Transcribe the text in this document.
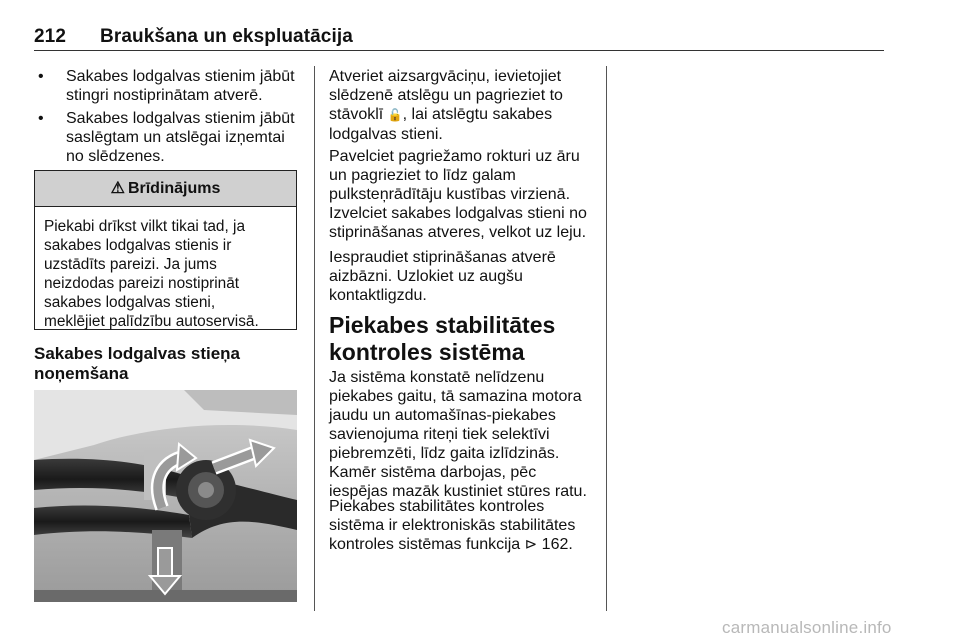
212 Braukšana un ekspluatācija
• Sakabes lodgalvas stienim jābūt
stingri nostiprinātam atverē.
• Sakabes lodgalvas stienim jābūt
saslēgtam un atslēgai izņemtai
no slēdzenes.
⚠ Brīdinājums
Piekabi drīkst vilkt tikai tad, ja
sakabes lodgalvas stienis ir
uzstādīts pareizi. Ja jums
neizdodas pareizi nostiprināt
sakabes lodgalvas stieni,
meklējiet palīdzību autoservisā.
Sakabes lodgalvas stieņa
noņemšana
Atveriet aizsargvāciņu, ievietojiet
slēdzenē atslēgu un pagrieziet to
stāvoklī 🔓, lai atslēgtu sakabes
lodgalvas stieni.
Pavelciet pagriežamo rokturi uz āru
un pagrieziet to līdz galam
pulksteņrādītāju kustības virzienā.
Izvelciet sakabes lodgalvas stieni no
stiprināšanas atveres, velkot uz leju.
Iespraudiet stiprināšanas atverē
aizbāzni. Uzlokiet uz augšu
kontaktligzdu.
Piekabes stabilitātes
kontroles sistēma
Ja sistēma konstatē nelīdzenu
piekabes gaitu, tā samazina motora
jaudu un automašīnas-piekabes
savienojuma riteņi tiek selektīvi
piebremzēti, līdz gaita izlīdzinās.
Kamēr sistēma darbojas, pēc
iespējas mazāk kustiniet stūres ratu.
Piekabes stabilitātes kontroles
sistēma ir elektroniskās stabilitātes
kontroles sistēmas funkcija ⊳ 162.
carmanualsonline.info
